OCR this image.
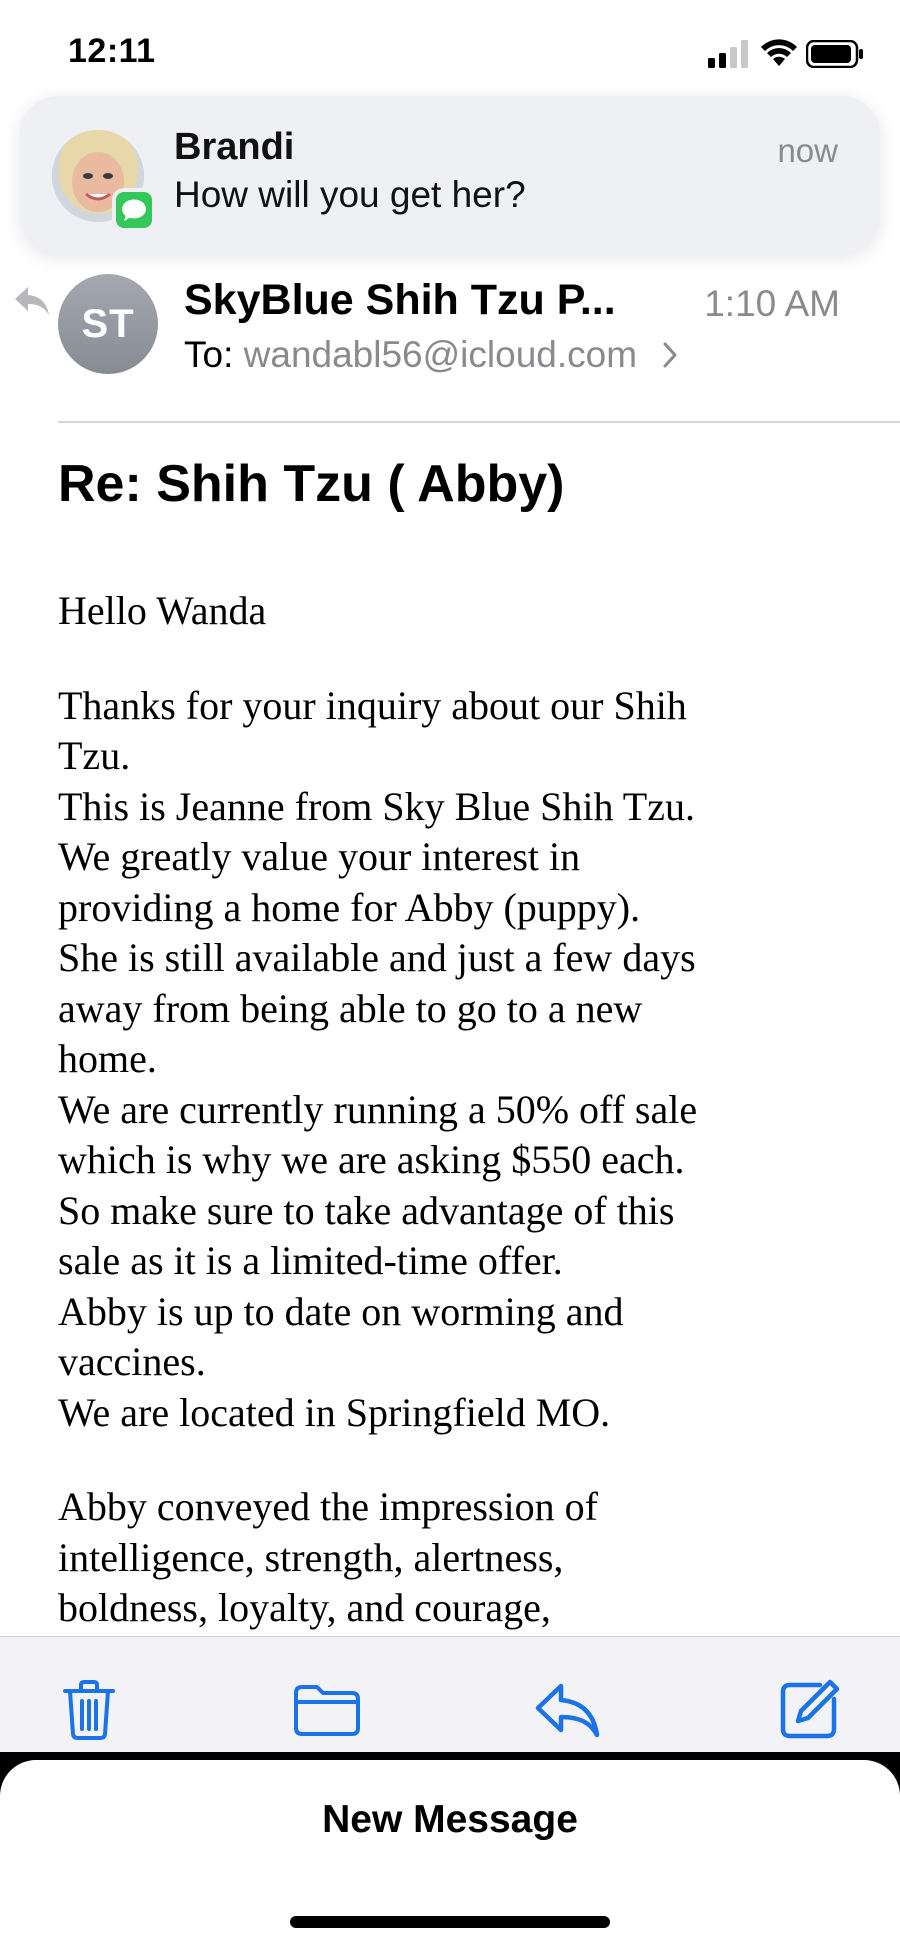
12:11
ST	SkyBlue Shih Tzu P... 1:10 AM
To: wandabl56@icloud.com
Re: Shih Tzu ( Abby)

Hello Wanda

Thanks for your inquiry about our Shih

Tzu.

This is Jeanne from Sky Blue Shih Tzu.

We greatly value your interest in

providing a home for Abby (puppy).

She is still available and just a few days

away from being able to go to a new

home.

We are currently running a 50% off sale

which is why we are asking $550 each.

So make sure to take advantage of this

sale as it is a limited-time offer.

Abby is up to date on worming and

vaccines.

We are located in Springfield MO.

Abby conveyed the impression of

intelligence, strength, alertness,

boldness, loyalty, and courage,

Brandi
How will you get her?
now
New Message
